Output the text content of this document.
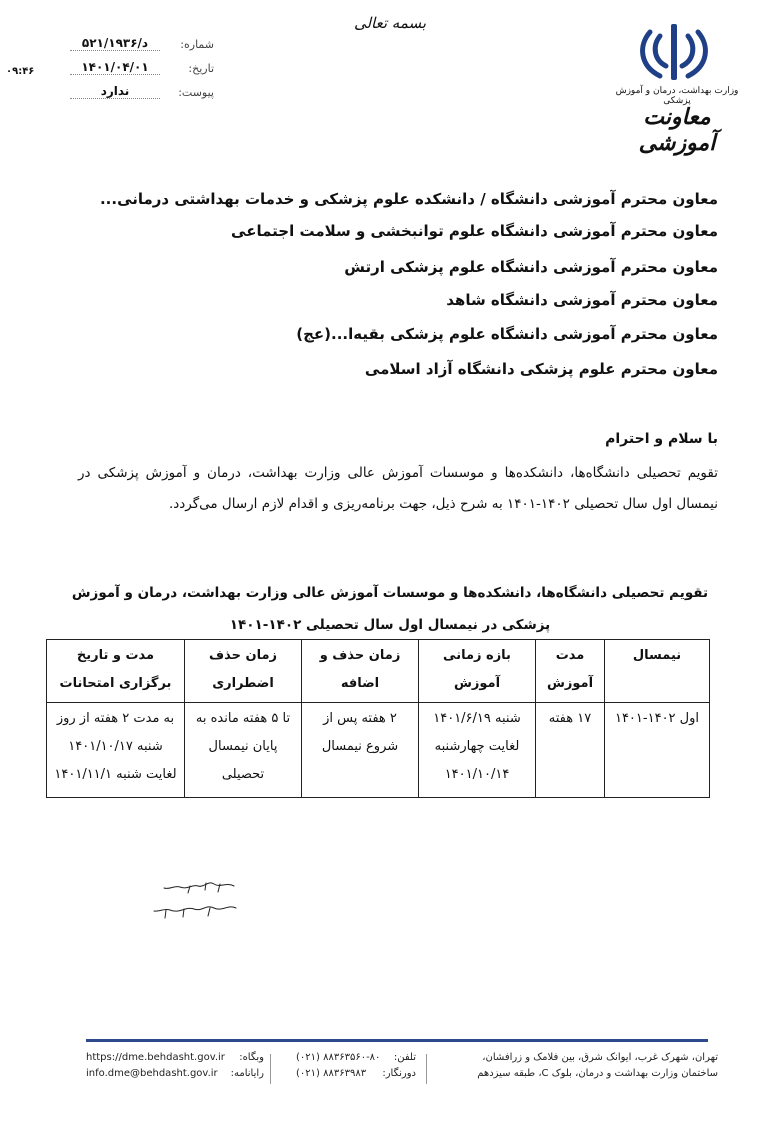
وزارت بهداشت، درمان و آموزش پزشکی
معاونت آموزشی
بسمه تعالی
شماره:
د/۵۲۱/۱۹۳۶
تاریخ:
۱۴۰۱/۰۴/۰۱
پیوست:
ندارد
۰۹:۴۶
معاون محترم آموزشی دانشگاه / دانشکده علوم پزشکی و خدمات بهداشتی درمانی...
معاون محترم آموزشی دانشگاه علوم توانبخشی و سلامت اجتماعی
معاون محترم آموزشی دانشگاه علوم پزشکی ارتش
معاون محترم آموزشی دانشگاه شاهد
معاون محترم آموزشی دانشگاه علوم پزشکی بقیه‌ا...(عج)
معاون محترم علوم پزشکی دانشگاه آزاد اسلامی
با سلام و احترام
تقویم تحصیلی دانشگاه‌ها، دانشکده‌ها و موسسات آموزش عالی وزارت بهداشت، درمان و آموزش پزشکی در نیمسال اول سال تحصیلی ۱۴۰۲-۱۴۰۱ به شرح ذیل، جهت برنامه‌ریزی و اقدام لازم ارسال می‌گردد.
تقویم تحصیلی دانشگاه‌ها، دانشکده‌ها و موسسات آموزش عالی وزارت بهداشت، درمان و آموزش پزشکی در نیمسال اول سال تحصیلی ۱۴۰۲-۱۴۰۱
نیمسال	مدت آموزش	بازه زمانی آموزش	زمان حذف و اضافه	زمان حذف اضطراری	مدت و تاریخ برگزاری امتحانات
اول ۱۴۰۲-۱۴۰۱	۱۷ هفته	شنبه ۱۴۰۱/۶/۱۹ لغایت چهارشنبه ۱۴۰۱/۱۰/۱۴	۲ هفته پس از شروع نیمسال	تا ۵ هفته مانده به پایان نیمسال تحصیلی	به مدت ۲ هفته از روز شنبه ۱۴۰۱/۱۰/۱۷ لغایت شنبه ۱۴۰۱/۱۱/۱
تهران، شهرک غرب، ایوانک شرق، بین فلامک و زرافشان،
ساختمان وزارت بهداشت و درمان، بلوک C، طبقه سیزدهم
تلفن:
(۰۲۱) ۸۸۳۶۳۵۶۰-۸۰
دورنگار:
(۰۲۱) ۸۸۳۶۳۹۸۳
وبگاه:
https://dme.behdasht.gov.ir
رایانامه:
info.dme@behdasht.gov.ir
